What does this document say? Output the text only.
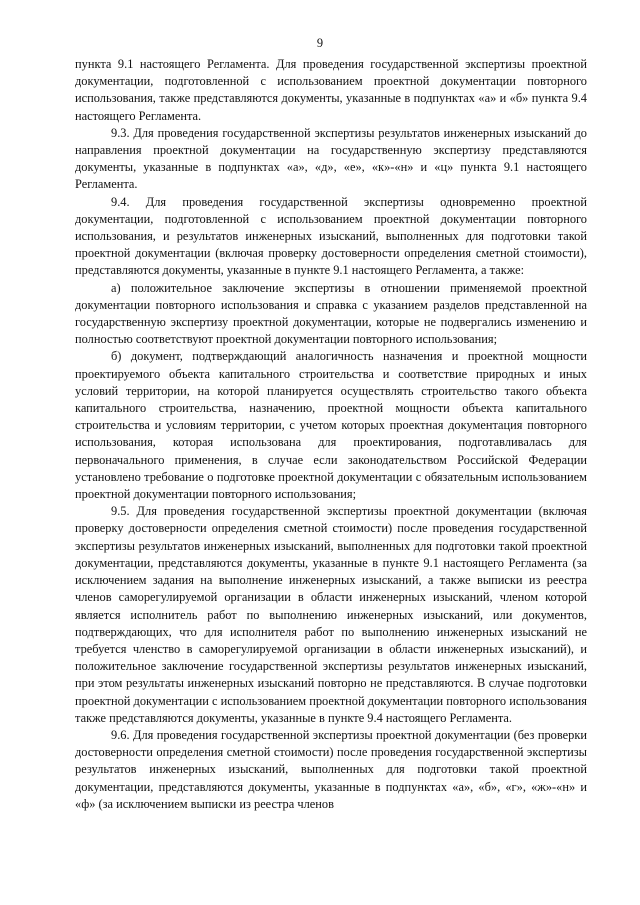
9

пункта 9.1 настоящего Регламента. Для проведения государственной экспертизы проектной документации, подготовленной с использованием проектной документации повторного использования, также представляются документы, указанные в подпунктах «а» и «б» пункта 9.4 настоящего Регламента.

9.3. Для проведения государственной экспертизы результатов инженерных изысканий до направления проектной документации на государственную экспертизу представляются документы, указанные в подпунктах «а», «д», «е», «к»-«н» и «ц» пункта 9.1 настоящего Регламента.

9.4. Для проведения государственной экспертизы одновременно проектной документации, подготовленной с использованием проектной документации повторного использования, и результатов инженерных изысканий, выполненных для подготовки такой проектной документации (включая проверку достоверности определения сметной стоимости), представляются документы, указанные в пункте 9.1 настоящего Регламента, а также:

а) положительное заключение экспертизы в отношении применяемой проектной документации повторного использования и справка с указанием разделов представленной на государственную экспертизу проектной документации, которые не подвергались изменению и полностью соответствуют проектной документации повторного использования;

б) документ, подтверждающий аналогичность назначения и проектной мощности проектируемого объекта капитального строительства и соответствие природных и иных условий территории, на которой планируется осуществлять строительство такого объекта капитального строительства, назначению, проектной мощности объекта капитального строительства и условиям территории, с учетом которых проектная документация повторного использования, которая использована для проектирования, подготавливалась для первоначального применения, в случае если законодательством Российской Федерации установлено требование о подготовке проектной документации с обязательным использованием проектной документации повторного использования;

9.5. Для проведения государственной экспертизы проектной документации (включая проверку достоверности определения сметной стоимости) после проведения государственной экспертизы результатов инженерных изысканий, выполненных для подготовки такой проектной документации, представляются документы, указанные в пункте 9.1 настоящего Регламента (за исключением задания на выполнение инженерных изысканий, а также выписки из реестра членов саморегулируемой организации в области инженерных изысканий, членом которой является исполнитель работ по выполнению инженерных изысканий, или документов, подтверждающих, что для исполнителя работ по выполнению инженерных изысканий не требуется членство в саморегулируемой организации в области инженерных изысканий), и положительное заключение государственной экспертизы результатов инженерных изысканий, при этом результаты инженерных изысканий повторно не представляются. В случае подготовки проектной документации с использованием проектной документации повторного использования также представляются документы, указанные в пункте 9.4 настоящего Регламента.

9.6. Для проведения государственной экспертизы проектной документации (без проверки достоверности определения сметной стоимости) после проведения государственной экспертизы результатов инженерных изысканий, выполненных для подготовки такой проектной документации, представляются документы, указанные в подпунктах «а», «б», «г», «ж»-«н» и «ф» (за исключением выписки из реестра членов
